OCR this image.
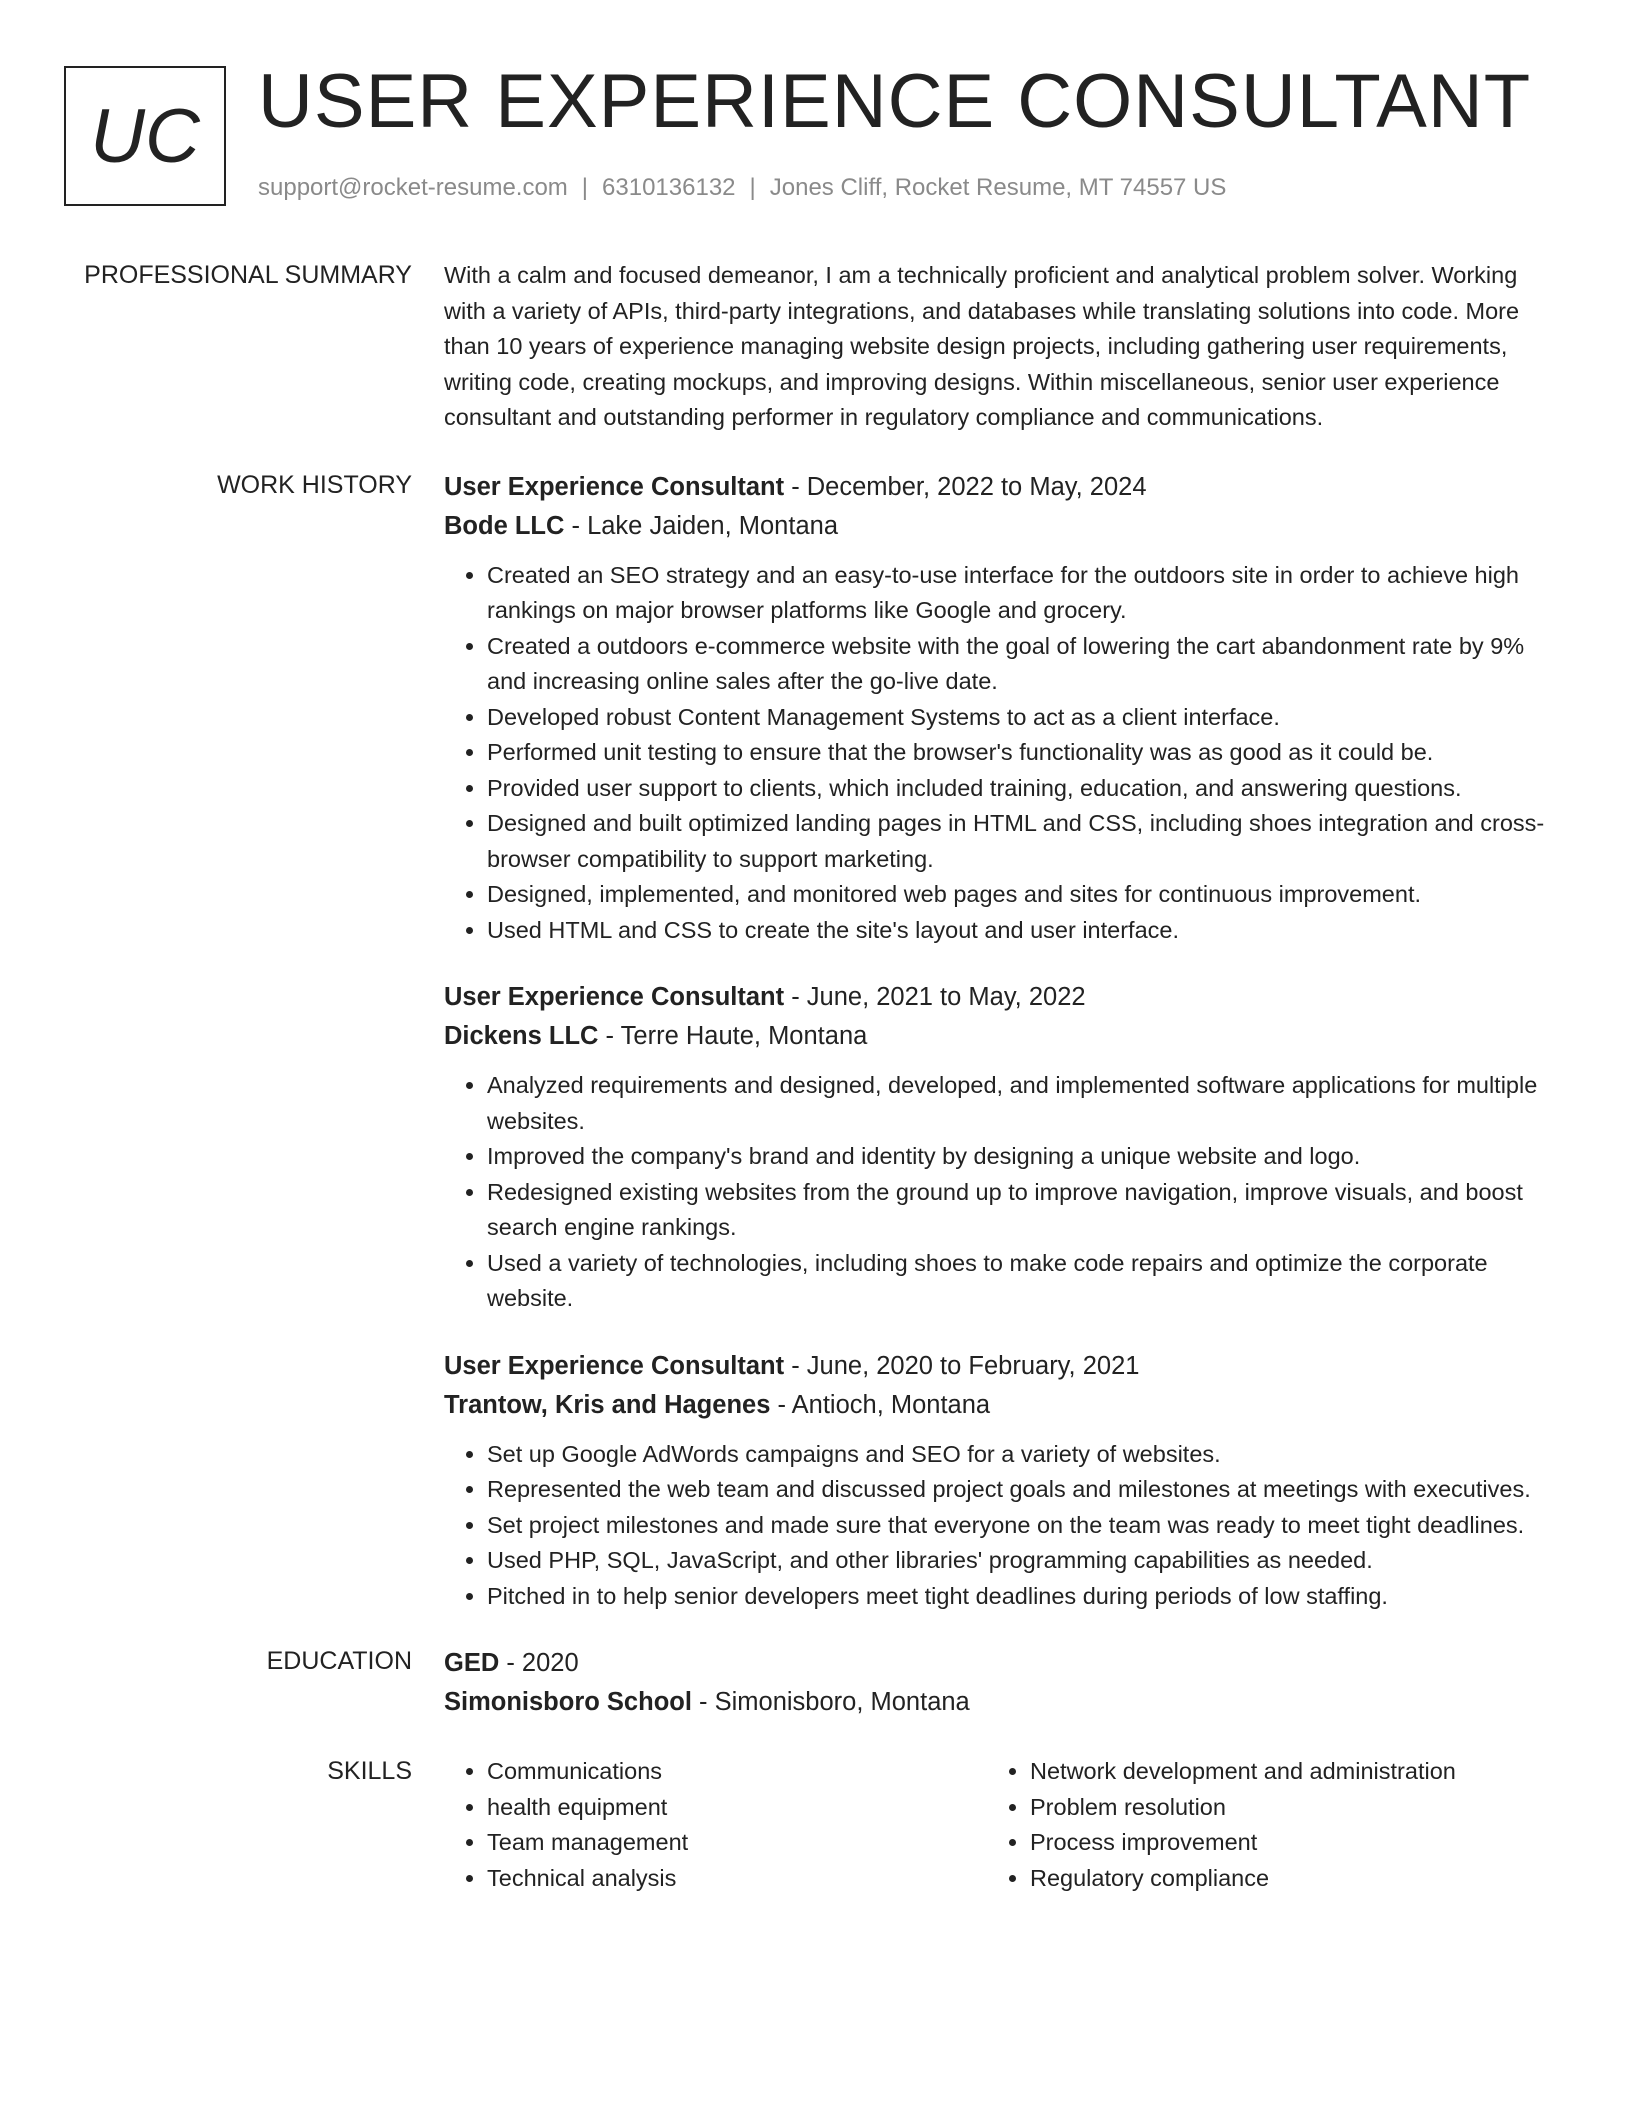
UC USER EXPERIENCE CONSULTANT
support@rocket-resume.com | 6310136132 | Jones Cliff, Rocket Resume, MT 74557 US
PROFESSIONAL SUMMARY With a calm and focused demeanor, I am a technically proficient and analytical problem solver. Working with a variety of APIs, third-party integrations, and databases while translating solutions into code. More than 10 years of experience managing website design projects, including gathering user requirements, writing code, creating mockups, and improving designs. Within miscellaneous, senior user experience consultant and outstanding performer in regulatory compliance and communications.

WORK HISTORY User Experience Consultant - December, 2022 to May, 2024
Bode LLC - Lake Jaiden, Montana
• Created an SEO strategy and an easy-to-use interface for the outdoors site in order to achieve high rankings on major browser platforms like Google and grocery.
• Created a outdoors e-commerce website with the goal of lowering the cart abandonment rate by 9% and increasing online sales after the go-live date.
• Developed robust Content Management Systems to act as a client interface.
• Performed unit testing to ensure that the browser's functionality was as good as it could be.
• Provided user support to clients, which included training, education, and answering questions.
• Designed and built optimized landing pages in HTML and CSS, including shoes integration and cross-browser compatibility to support marketing.
• Designed, implemented, and monitored web pages and sites for continuous improvement.
• Used HTML and CSS to create the site's layout and user interface.
User Experience Consultant - June, 2021 to May, 2022
Dickens LLC - Terre Haute, Montana
• Analyzed requirements and designed, developed, and implemented software applications for multiple websites.
• Improved the company's brand and identity by designing a unique website and logo.
• Redesigned existing websites from the ground up to improve navigation, improve visuals, and boost search engine rankings.
• Used a variety of technologies, including shoes to make code repairs and optimize the corporate website.
User Experience Consultant - June, 2020 to February, 2021
Trantow, Kris and Hagenes - Antioch, Montana
• Set up Google AdWords campaigns and SEO for a variety of websites.
• Represented the web team and discussed project goals and milestones at meetings with executives.
• Set project milestones and made sure that everyone on the team was ready to meet tight deadlines.
• Used PHP, SQL, JavaScript, and other libraries' programming capabilities as needed.
• Pitched in to help senior developers meet tight deadlines during periods of low staffing.
EDUCATION GED - 2020
Simonisboro School - Simonisboro, Montana
SKILLS
•	Communications
• health equipment
• Team management
• Technical analysis
• Network development and administration
• Problem resolution
• Process improvement
• Regulatory compliance
